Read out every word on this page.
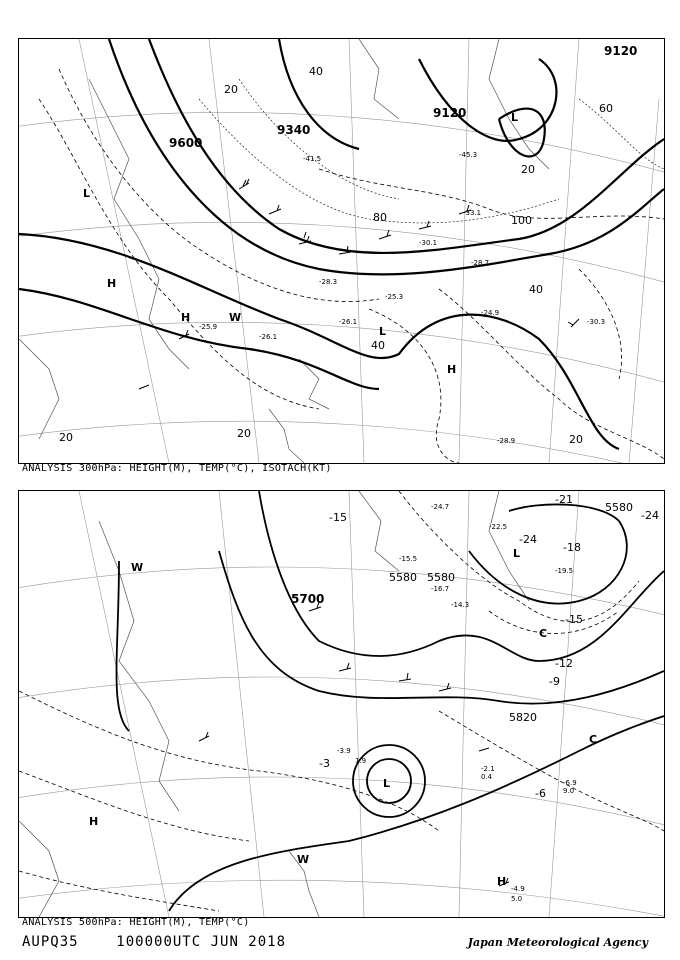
9600
9340
9120
9120
20
40
60
80	100
40
20	20	20
40
20
H
H
H
L
L
L
W
-26.1
-25.9
-26.1
-24.9
-28.7
-30.3
-28.9
-33.1
-41.5	-45.3
-30.1
-25.3
-28.3
ANALYSIS 300hPa: HEIGHT(M), TEMP(°C), ISOTACH(KT)
5700
5580 5580
5820
5580
-24
-21
-18
-15
-12
-9
-6
-3
-24
-15
W
H
H
L
L
C
C
W
-4.9
5.0
-2.1
0.4
-6.9
9.0
-3.9
1.9
-15.5
-16.7
-24.7
-22.5
-19.5
-14.3
ANALYSIS 500hPa: HEIGHT(M), TEMP(°C)
AUPQ35	100000UTC JUN 2018	Japan Meteorological Agency
